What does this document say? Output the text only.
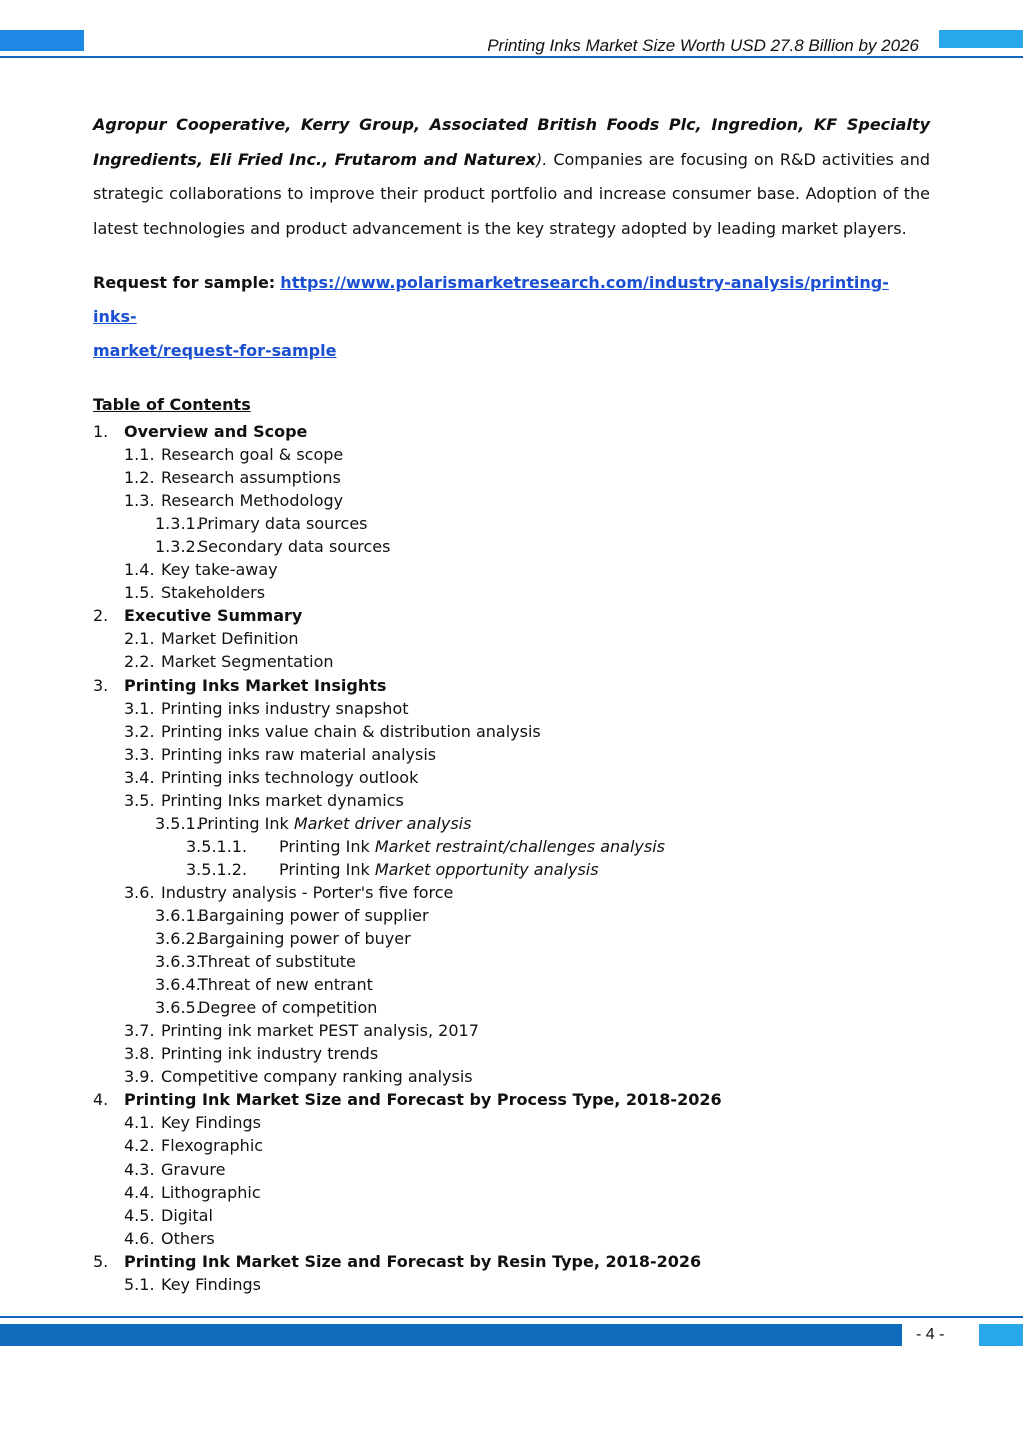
Printing Inks Market Size Worth USD 27.8 Billion by 2026

Agropur Cooperative, Kerry Group, Associated British Foods Plc, Ingredion, KF Specialty Ingredients, Eli Fried Inc., Frutarom and Naturex). Companies are focusing on R&D activities and strategic collaborations to improve their product portfolio and increase consumer base. Adoption of the latest technologies and product advancement is the key strategy adopted by leading market players.

Request for sample: https://www.polarismarketresearch.com/industry-analysis/printing-inks-
market/request-for-sample

Table of Contents

1. Overview and Scope
1.1. Research goal & scope
1.2. Research assumptions
1.3. Research Methodology
1.3.1.
Primary data sources
1.3.2.
Secondary data sources
1.4. Key take-away
1.5. Stakeholders
2. Executive Summary
2.1. Market Definition
2.2. Market Segmentation
3. Printing Inks Market Insights
3.1. Printing inks industry snapshot
3.2. Printing inks value chain & distribution analysis
3.3. Printing inks raw material analysis
3.4. Printing inks technology outlook
3.5. Printing Inks market dynamics
3.5.1.
Printing Ink Market driver analysis
3.5.1.1. Printing Ink Market restraint/challenges analysis
3.5.1.2. Printing Ink Market opportunity analysis
3.6. Industry analysis - Porter's five force
3.6.1.
Bargaining power of supplier
3.6.2.
Bargaining power of buyer
3.6.3.
Threat of substitute
3.6.4.
Threat of new entrant
3.6.5.
Degree of competition
3.7. Printing ink market PEST analysis, 2017
3.8. Printing ink industry trends
3.9. Competitive company ranking analysis
4. Printing Ink Market Size and Forecast by Process Type, 2018-2026
4.1. Key Findings
4.2. Flexographic
4.3. Gravure
4.4. Lithographic
4.5. Digital
4.6. Others
5. Printing Ink Market Size and Forecast by Resin Type, 2018-2026
5.1. Key Findings
- 4 -
